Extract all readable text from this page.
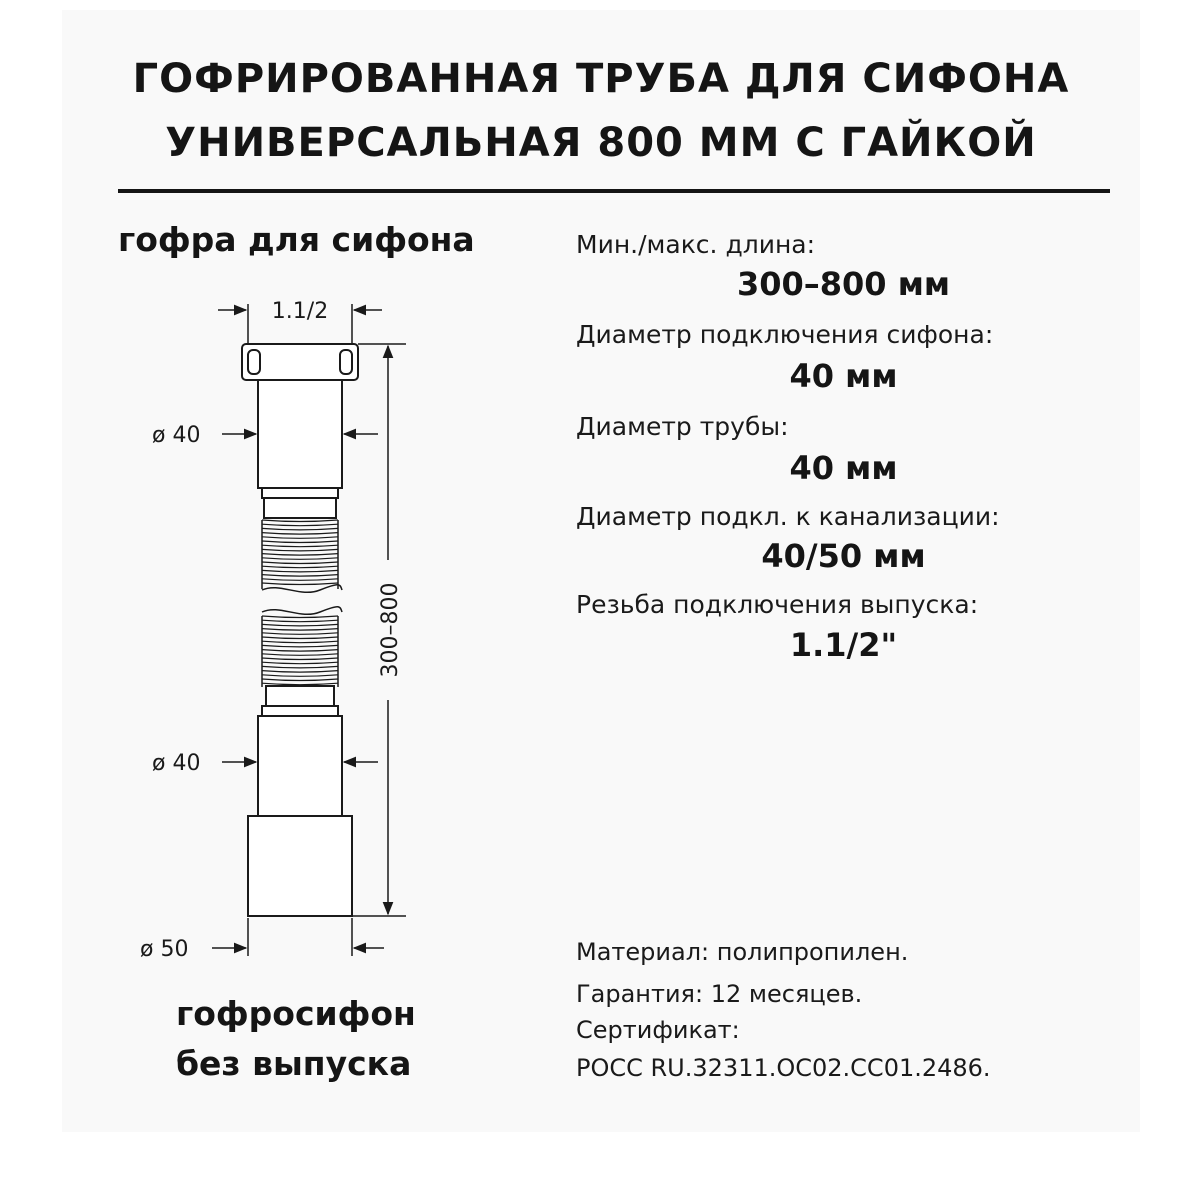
ГОФРИРОВАННАЯ ТРУБА ДЛЯ СИФОНА
УНИВЕРСАЛЬНАЯ 800 ММ С ГАЙКОЙ
гофра для сифона
1.1/2
ø 40
ø 40
ø 50
300–800
Мин./макс. длина:
300–800 мм
Диаметр подключения сифона:
40 мм
Диаметр трубы:
40 мм
Диаметр подкл. к канализации:
40/50 мм
Резьба подключения выпуска:
1.1/2"
гофросифон
без выпуска
Материал: полипропилен.
Гарантия: 12 месяцев.
Сертификат:
РОСС RU.32311.ОС02.СС01.2486.
